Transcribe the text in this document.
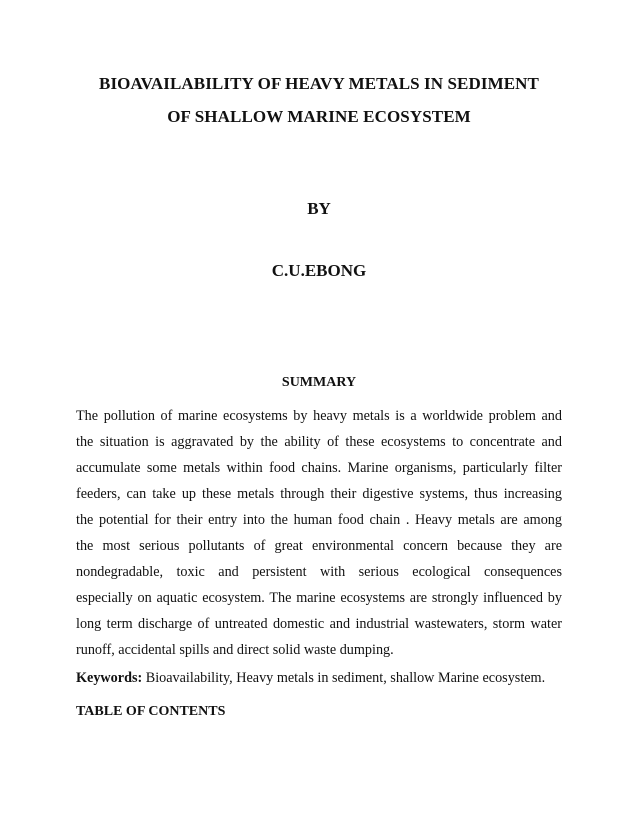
BIOAVAILABILITY OF HEAVY METALS IN SEDIMENT
OF SHALLOW MARINE ECOSYSTEM
BY
C.U.EBONG
SUMMARY
The pollution of marine ecosystems by heavy metals is a worldwide problem and
the situation is aggravated by the ability of these ecosystems to concentrate and
accumulate some metals within food chains. Marine organisms, particularly filter
feeders, can take up these metals through their digestive systems, thus increasing
the potential for their entry into the human food chain . Heavy metals are among
the most serious pollutants of great environmental concern because they are
nondegradable, toxic and persistent with serious ecological consequences
especially on aquatic ecosystem. The marine ecosystems are strongly influenced by
long term discharge of untreated domestic and industrial wastewaters, storm water
runoff, accidental spills and direct solid waste dumping.
Keywords: Bioavailability, Heavy metals in sediment, shallow Marine ecosystem.
TABLE OF CONTENTS
